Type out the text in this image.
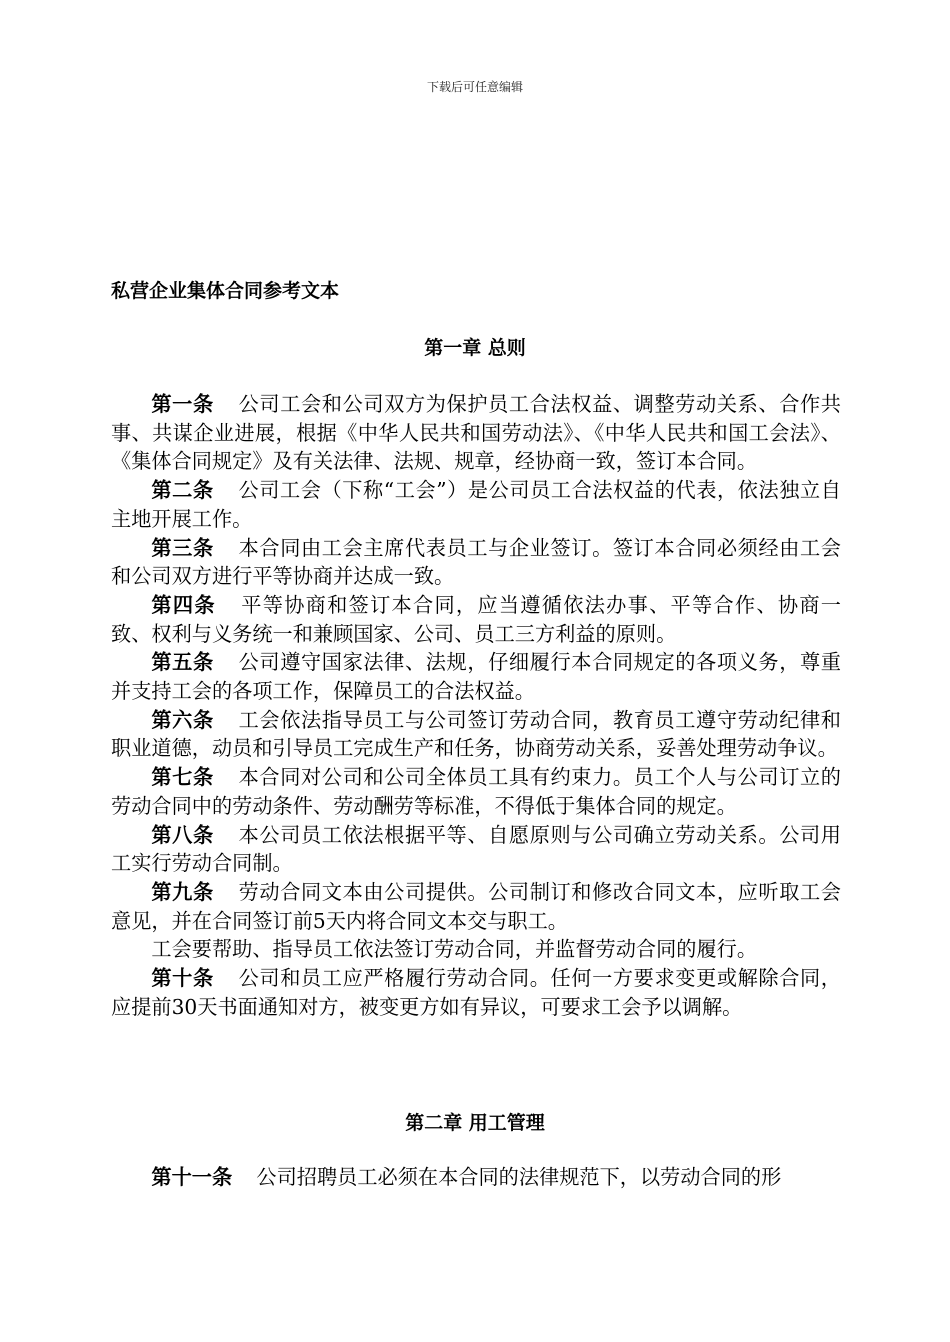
下载后可任意编辑
私营企业集体合同参考文本
第一章 总则

第一条 公司工会和公司双方为保护员工合法权益、调整劳动关系、合作共事、共谋企业进展，根据《中华人民共和国劳动法》、《中华人民共和国工会法》、《集体合同规定》及有关法律、法规、规章，经协商一致，签订本合同。

第二条 公司工会（下称“工会”）是公司员工合法权益的代表，依法独立自主地开展工作。

第三条 本合同由工会主席代表员工与企业签订。签订本合同必须经由工会和公司双方进行平等协商并达成一致。

第四条 平等协商和签订本合同，应当遵循依法办事、平等合作、协商一致、权利与义务统一和兼顾国家、公司、员工三方利益的原则。

第五条 公司遵守国家法律、法规，仔细履行本合同规定的各项义务，尊重并支持工会的各项工作，保障员工的合法权益。

第六条 工会依法指导员工与公司签订劳动合同，教育员工遵守劳动纪律和职业道德，动员和引导员工完成生产和任务，协商劳动关系，妥善处理劳动争议。

第七条 本合同对公司和公司全体员工具有约束力。员工个人与公司订立的劳动合同中的劳动条件、劳动酬劳等标准，不得低于集体合同的规定。

第八条 本公司员工依法根据平等、自愿原则与公司确立劳动关系。公司用工实行劳动合同制。

第九条 劳动合同文本由公司提供。公司制订和修改合同文本，应听取工会意见，并在合同签订前5天内将合同文本交与职工。

工会要帮助、指导员工依法签订劳动合同，并监督劳动合同的履行。

第十条 公司和员工应严格履行劳动合同。任何一方要求变更或解除合同，应提前30天书面通知对方，被变更方如有异议，可要求工会予以调解。

第二章 用工管理

第十一条 公司招聘员工必须在本合同的法律规范下，以劳动合同的形
